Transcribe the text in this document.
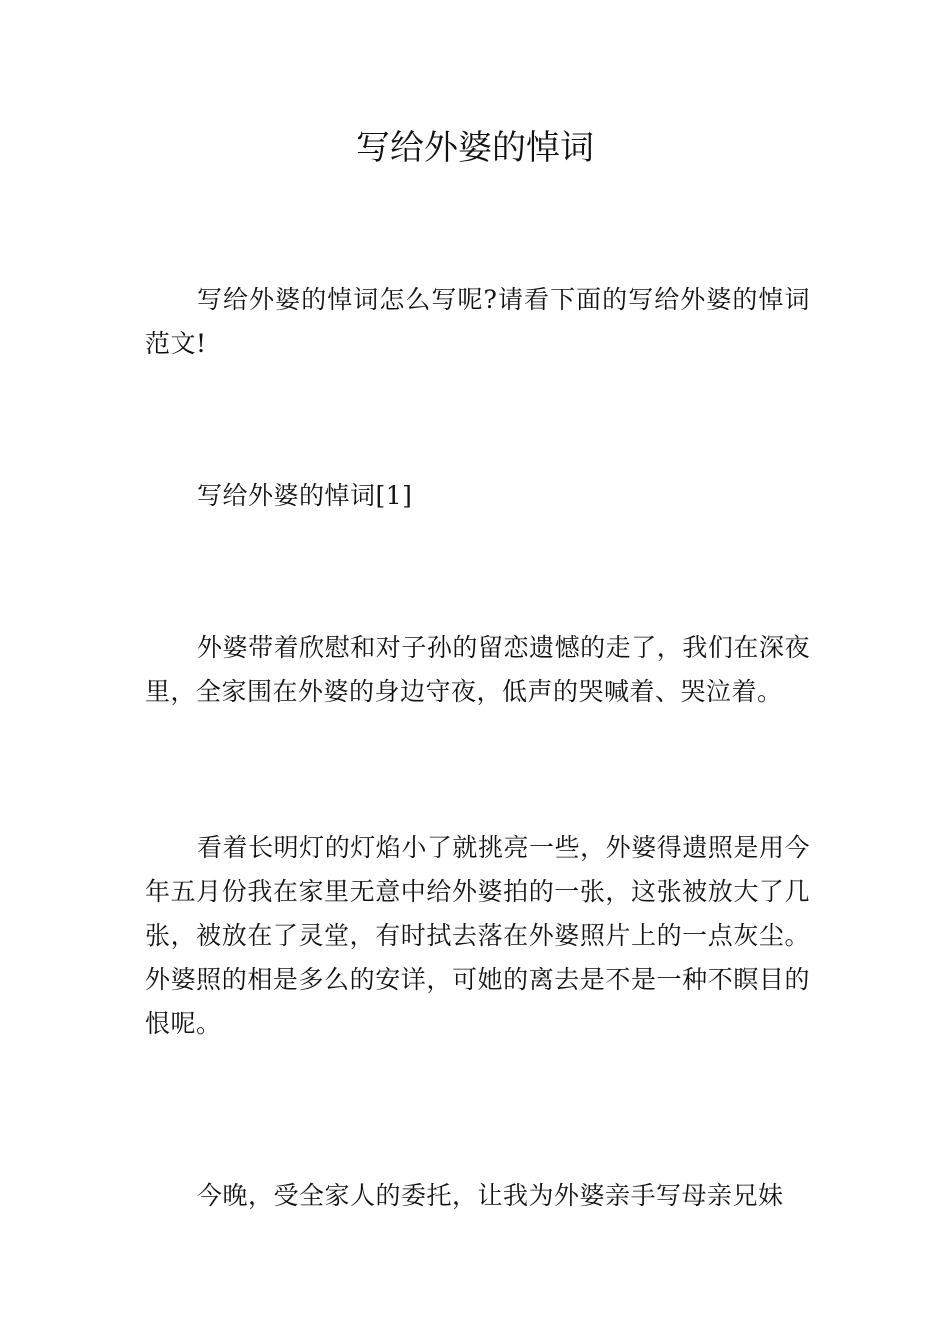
写给外婆的悼词

写给外婆的悼词怎么写呢?请看下面的写给外婆的悼词范文!

写给外婆的悼词[1]

外婆带着欣慰和对子孙的留恋遗憾的走了，我们在深夜里，全家围在外婆的身边守夜，低声的哭喊着、哭泣着。

看着长明灯的灯焰小了就挑亮一些，外婆得遗照是用今年五月份我在家里无意中给外婆拍的一张，这张被放大了几张，被放在了灵堂，有时拭去落在外婆照片上的一点灰尘。外婆照的相是多么的安详，可她的离去是不是一种不瞑目的恨呢。

今晚，受全家人的委托，让我为外婆亲手写母亲兄妹
